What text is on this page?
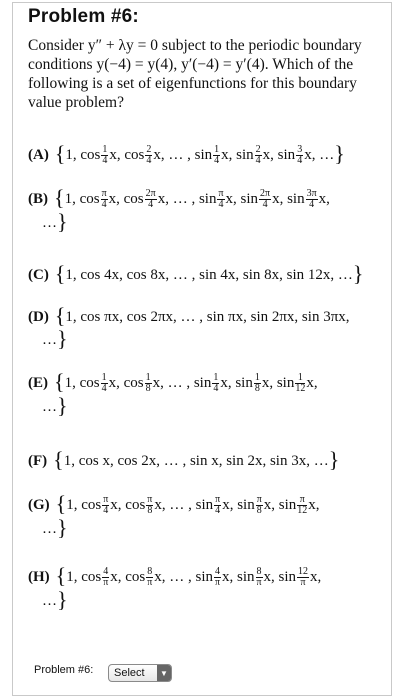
Problem #6:
Consider y″ + λy = 0 subject to the periodic boundary conditions y(−4) = y(4), y′(−4) = y′(4). Which of the following is a set of eigenfunctions for this boundary value problem?
(A) {1, $\cos \frac{1}{4} x$, $\cos \frac{2}{4} x$, … , $\sin \frac{1}{4} x$, $\sin \frac{2}{4} x$, $\sin \frac{3}{4} x$, …}
(B) {1, $\cos \frac{\pi}{4} x$, $\cos \frac{2\pi}{4} x$, … , $\sin \frac{\pi}{4} x$, $\sin \frac{2\pi}{4} x$, $\sin \frac{3\pi}{4} x$,
…}
(C) {1, cos 4x, cos 8x, … , sin 4x, sin 8x, sin 12x, …}
(D) {1, cos πx, cos 2πx, … , sin πx, sin 2πx, sin 3πx,
…}
(E) {1, $\cos \frac{1}{4} x$, $\cos \frac{1}{8} x$, … , $\sin \frac{1}{4} x$, $\sin \frac{1}{8} x$, $\sin \frac{1}{12} x$,
…}
(F) {1, cos x, cos 2x, … , sin x, sin 2x, sin 3x, …}
(G) {1, $\cos \frac{\pi}{4} x$, $\cos \frac{\pi}{8} x$, … , $\sin \frac{\pi}{4} x$, $\sin \frac{\pi}{8} x$, $\sin \frac{\pi}{12} x$,
…}
(H) {1, $\cos \frac{4}{\pi} x$, $\cos \frac{8}{\pi} x$, … , $\sin \frac{4}{\pi} x$, $\sin \frac{8}{\pi} x$, $\sin \frac{12}{\pi} x$,
…}
Problem #6:	Select	▼
